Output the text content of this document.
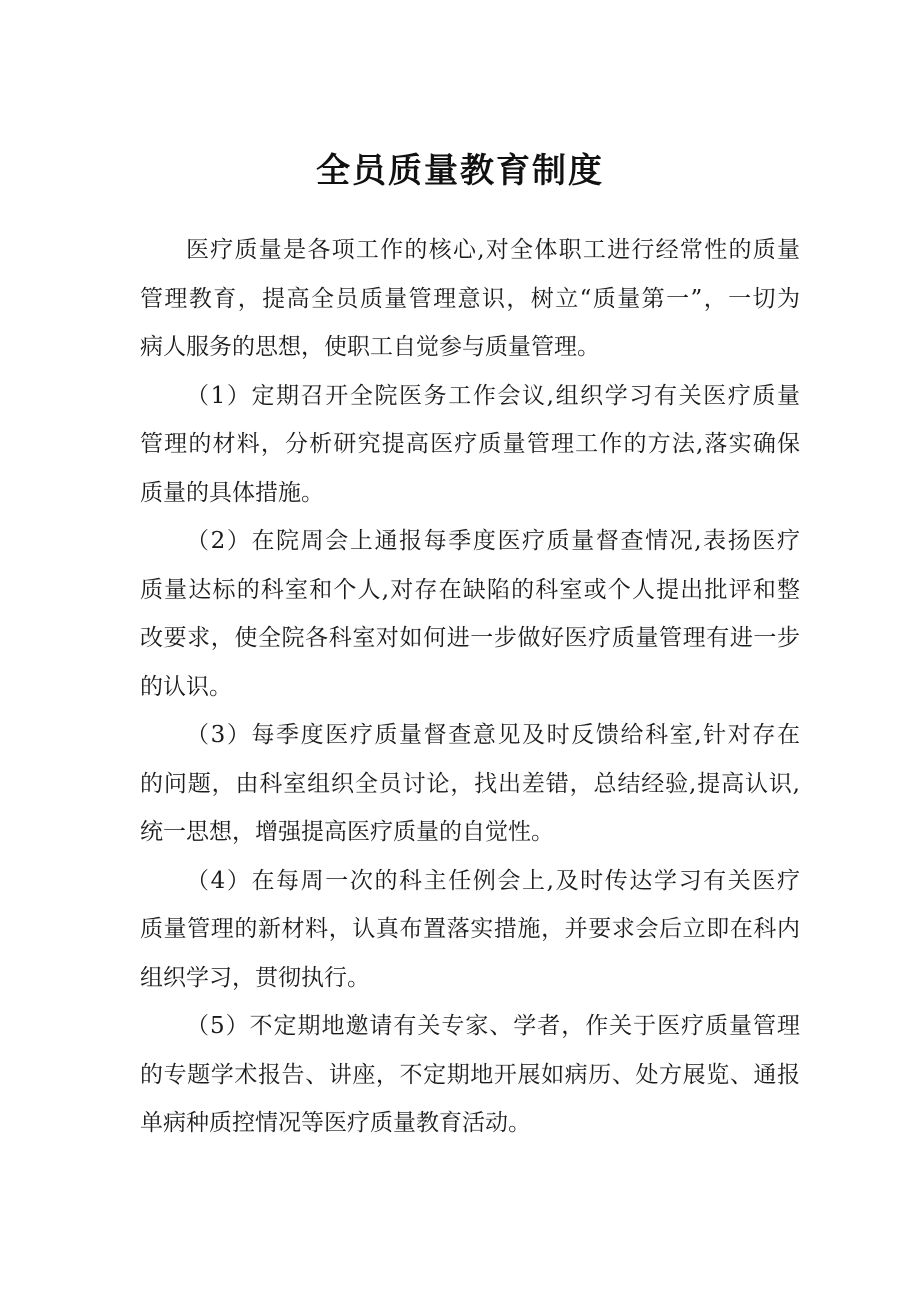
全员质量教育制度
医疗质量是各项工作的核心,对全体职工进行经常性的质量
管理教育，提高全员质量管理意识，树立“质量第一”，一切为
病人服务的思想，使职工自觉参与质量管理。
（1）定期召开全院医务工作会议,组织学习有关医疗质量
管理的材料，分析研究提高医疗质量管理工作的方法,落实确保
质量的具体措施。
（2）在院周会上通报每季度医疗质量督查情况,表扬医疗
质量达标的科室和个人,对存在缺陷的科室或个人提出批评和整
改要求，使全院各科室对如何进一步做好医疗质量管理有进一步
的认识。
（3）每季度医疗质量督查意见及时反馈给科室,针对存在
的问题，由科室组织全员讨论，找出差错，总结经验,提高认识,
统一思想，增强提高医疗质量的自觉性。
（4）在每周一次的科主任例会上,及时传达学习有关医疗
质量管理的新材料，认真布置落实措施，并要求会后立即在科内
组织学习，贯彻执行。
（5）不定期地邀请有关专家、学者，作关于医疗质量管理
的专题学术报告、讲座，不定期地开展如病历、处方展览、通报
单病种质控情况等医疗质量教育活动。
